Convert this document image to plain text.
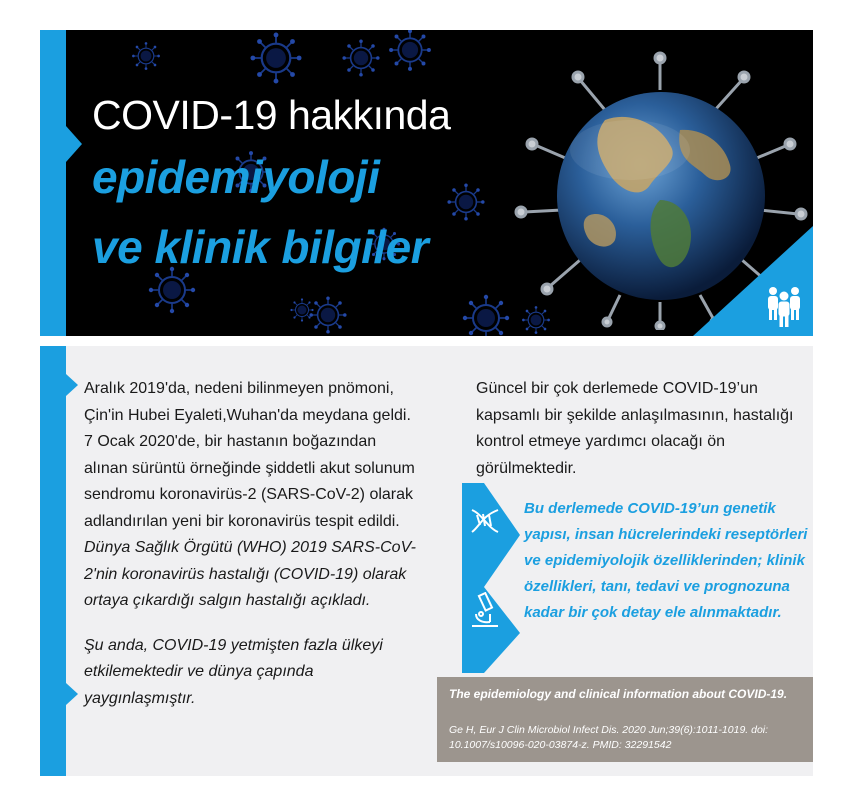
COVID-19 hakkında
epidemiyoloji
ve klinik bilgiler

Aralık 2019'da, nedeni bilinmeyen pnömoni, Çin'in Hubei Eyaleti,Wuhan'da meydana geldi. 7 Ocak 2020'de, bir hastanın boğazından alınan sürüntü örneğinde şiddetli akut solunum sendromu koronavirüs-2 (SARS-CoV-2) olarak adlandırılan yeni bir koronavirüs tespit edildi. Dünya Sağlık Örgütü (WHO) 2019 SARS-CoV-2'nin koronavirüs hastalığı (COVID-19) olarak ortaya çıkardığı salgın hastalığı açıkladı.

Şu anda, COVID-19 yetmişten fazla ülkeyi etkilemektedir ve dünya çapında yaygınlaşmıştır.

Güncel bir çok derlemede COVID-19’un kapsamlı bir şekilde anlaşılmasının, hastalığı kontrol etmeye yardımcı olacağı ön görülmektedir.

Bu derlemede COVID-19’un genetik yapısı, insan hücrelerindeki reseptörleri ve epidemiyolojik özelliklerinden; klinik özellikleri, tanı, tedavi ve prognozuna kadar bir çok detay ele alınmaktadır.

The epidemiology and clinical information about COVID-19.
Ge H, Eur J Clin Microbiol Infect Dis. 2020 Jun;39(6):1011-1019. doi: 10.1007/s10096-020-03874-z. PMID: 32291542
